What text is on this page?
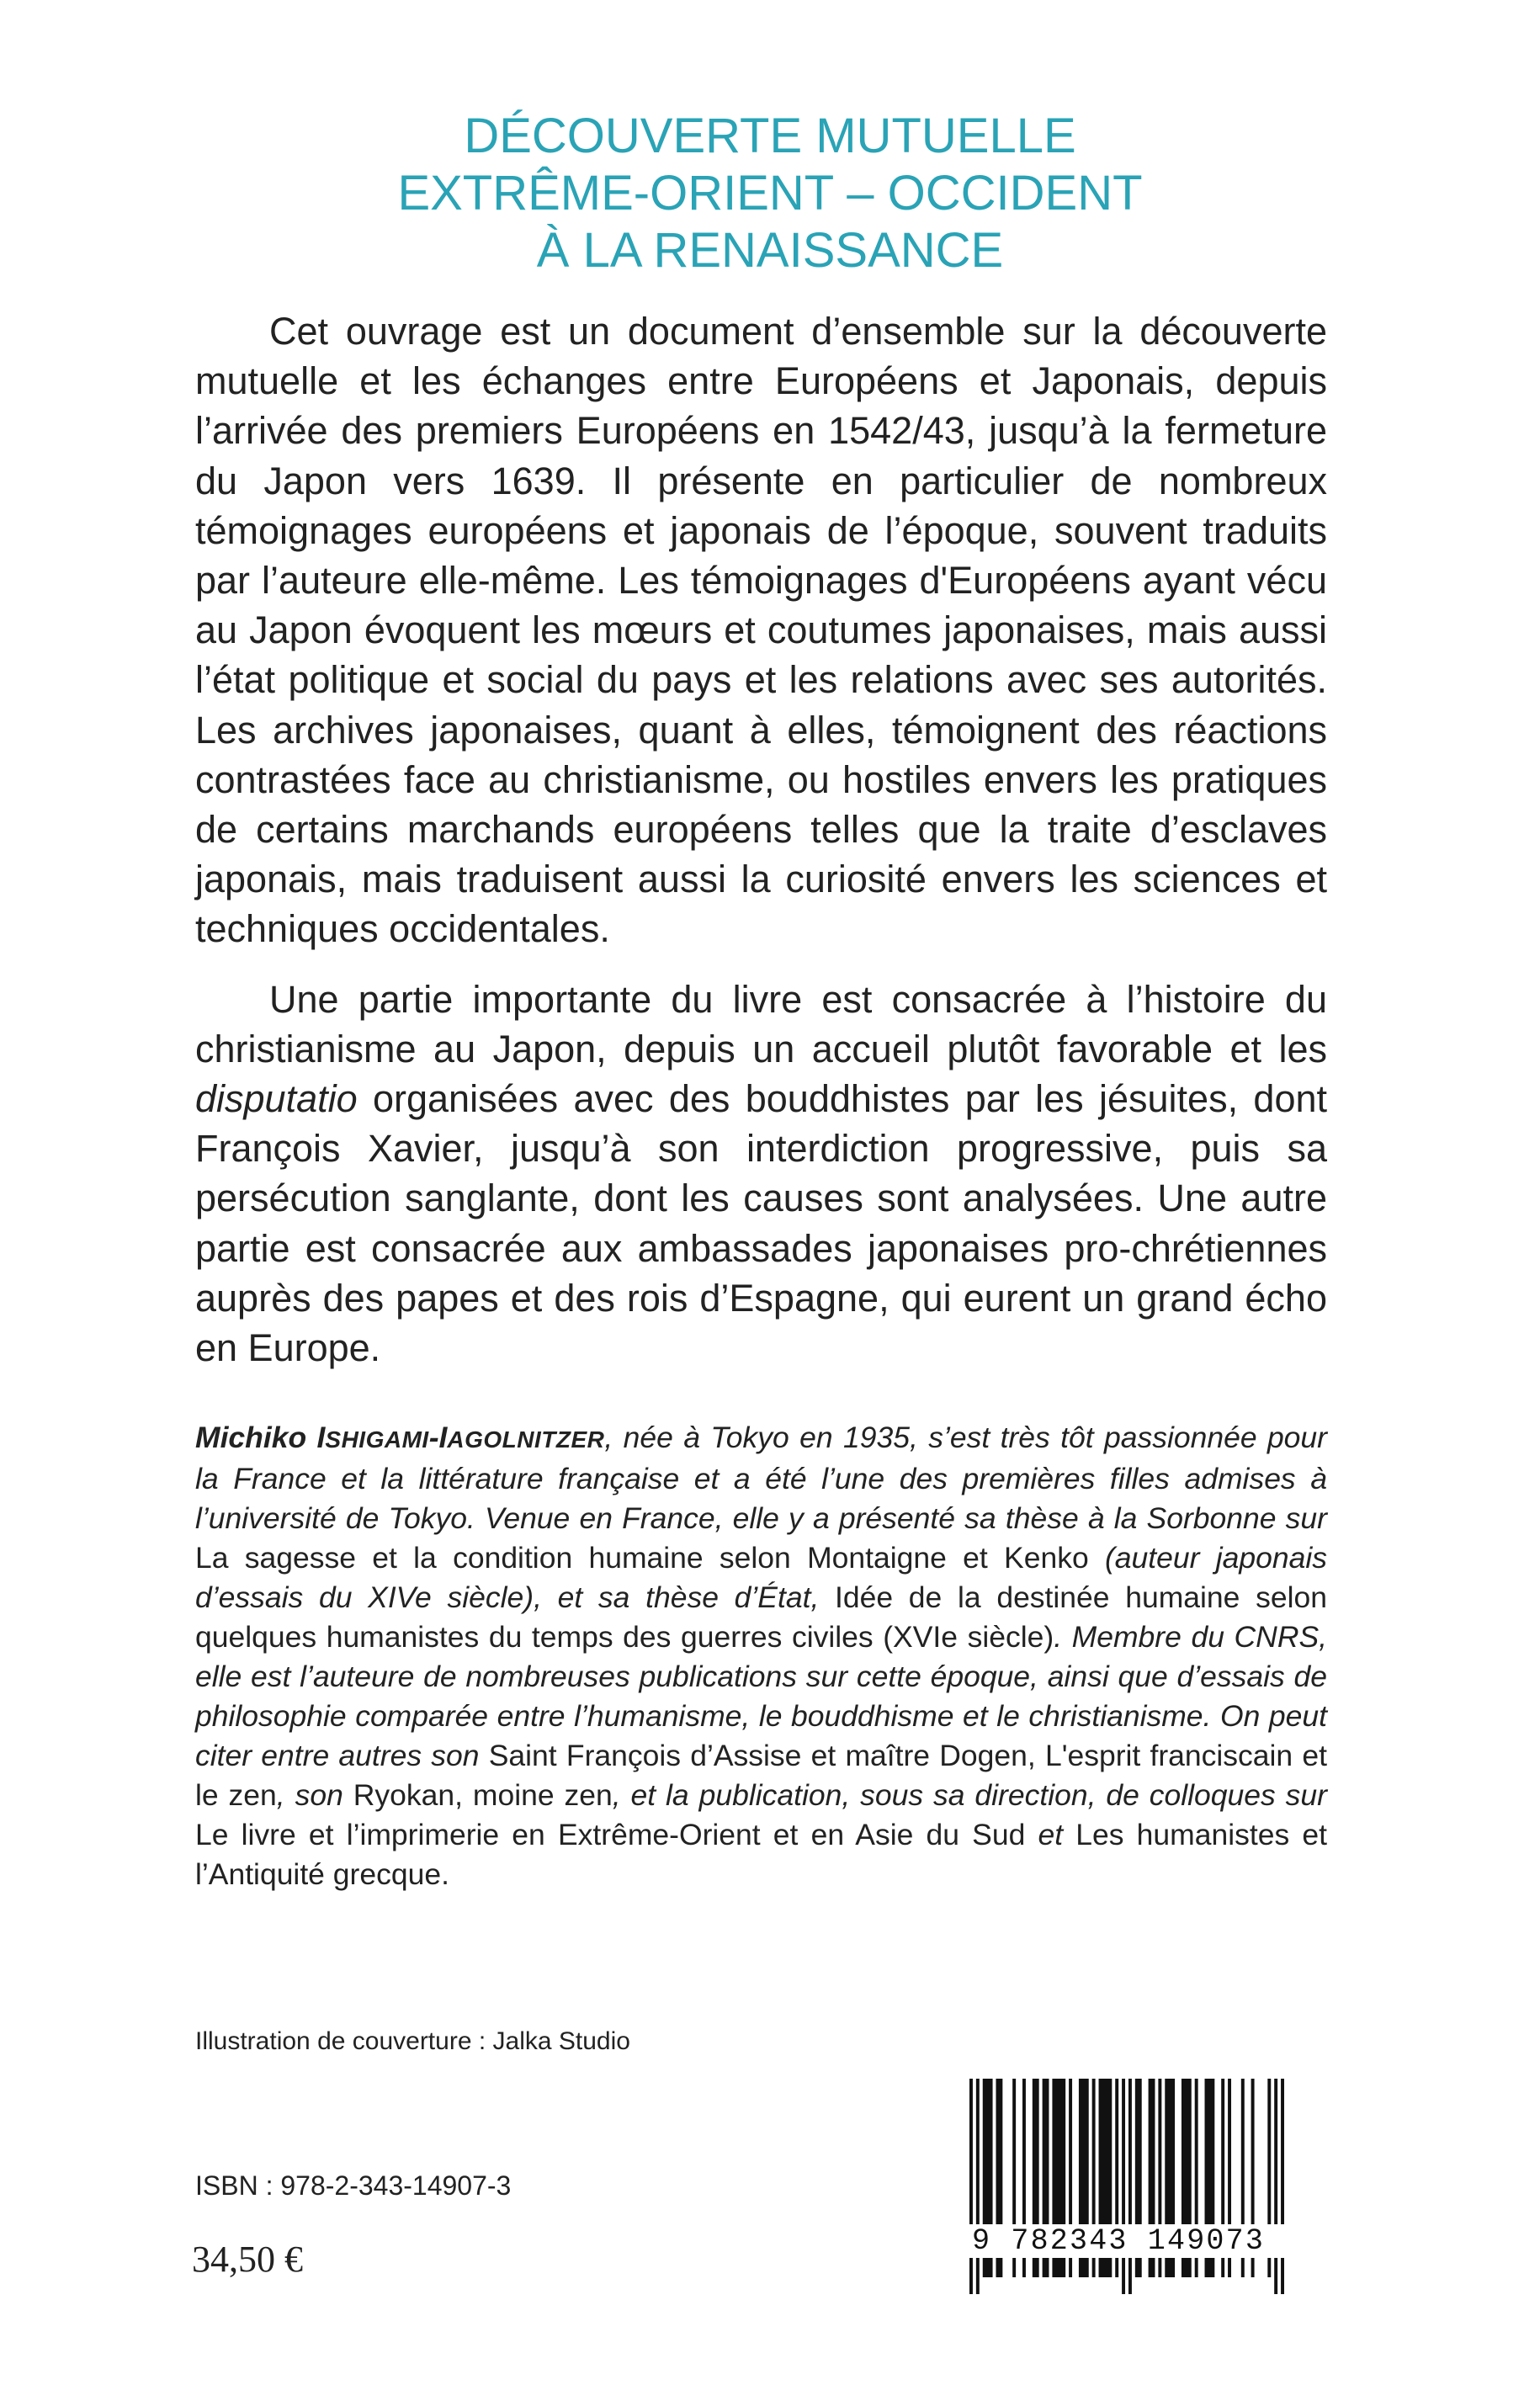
DÉCOUVERTE MUTUELLE
EXTRÊME-ORIENT – OCCIDENT
À LA RENAISSANCE

Cet ouvrage est un document d’ensemble sur la découverte mutuelle et les échanges entre Européens et Japonais, depuis l’arrivée des premiers Européens en 1542/43, jusqu’à la fermeture du Japon vers 1639. Il présente en particulier de nombreux témoignages européens et japonais de l’époque, souvent traduits par l’auteure elle-même. Les témoignages d'Européens ayant vécu au Japon évoquent les mœurs et coutumes japonaises, mais aussi l’état politique et social du pays et les relations avec ses autorités. Les archives japonaises, quant à elles, témoignent des réactions contrastées face au christianisme, ou hostiles envers les pratiques de certains marchands européens telles que la traite d’esclaves japonais, mais traduisent aussi la curiosité envers les sciences et techniques occidentales.

Une partie importante du livre est consacrée à l’histoire du christianisme au Japon, depuis un accueil plutôt favorable et les disputatio organisées avec des bouddhistes par les jésuites, dont François Xavier, jusqu’à son interdiction progressive, puis sa persécution sanglante, dont les causes sont analysées. Une autre partie est consacrée aux ambassades japonaises pro-chrétiennes auprès des papes et des rois d’Espagne, qui eurent un grand écho en Europe.

Michiko ISHIGAMI-IAGOLNITZER, née à Tokyo en 1935, s’est très tôt passionnée pour la France et la littérature française et a été l’une des premières filles admises à l’université de Tokyo. Venue en France, elle y a présenté sa thèse à la Sorbonne sur La sagesse et la condition humaine selon Montaigne et Kenko (auteur japonais d’essais du XIVe siècle), et sa thèse d’État, Idée de la destinée humaine selon quelques humanistes du temps des guerres civiles (XVIe siècle). Membre du CNRS, elle est l’auteure de nombreuses publications sur cette époque, ainsi que d’essais de philosophie comparée entre l’humanisme, le bouddhisme et le christianisme. On peut citer entre autres son Saint François d’Assise et maître Dogen, L'esprit franciscain et le zen, son Ryokan, moine zen, et la publication, sous sa direction, de colloques sur Le livre et l’imprimerie en Extrême-Orient et en Asie du Sud et Les humanistes et l’Antiquité grecque.

Illustration de couverture : Jalka Studio
ISBN : 978-2-343-14907-3
34,50 €	9 782343 149073
